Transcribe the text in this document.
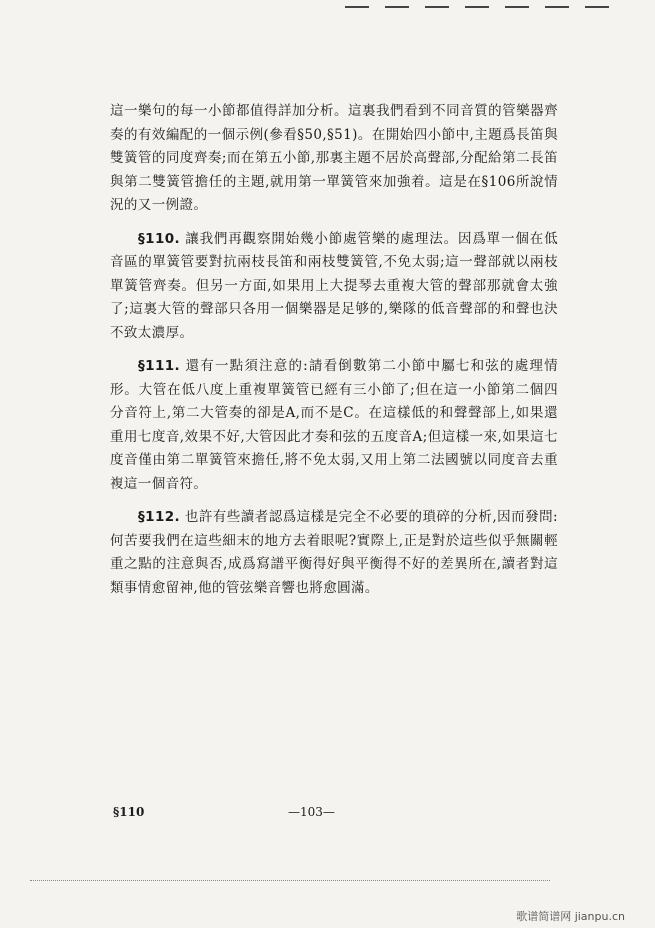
這一樂句的每一小節都值得詳加分析。這裏我們看到不同音質的管樂器齊奏的有效編配的一個示例(參看§50,§51)。在開始四小節中,主題爲長笛與雙簧管的同度齊奏;而在第五小節,那裏主題不居於高聲部,分配給第二長笛與第二雙簧管擔任的主題,就用第一單簧管來加強着。這是在§106所說情況的又一例證。

§110. 讓我們再觀察開始幾小節處管樂的處理法。因爲單一個在低音區的單簧管要對抗兩枝長笛和兩枝雙簧管,不免太弱;這一聲部就以兩枝單簧管齊奏。但另一方面,如果用上大提琴去重複大管的聲部那就會太強了;這裏大管的聲部只各用一個樂器是足够的,樂隊的低音聲部的和聲也決不致太濃厚。

§111. 還有一點須注意的:請看倒數第二小節中屬七和弦的處理情形。大管在低八度上重複單簧管已經有三小節了;但在這一小節第二個四分音符上,第二大管奏的卻是A,而不是C。在這樣低的和聲聲部上,如果還重用七度音,效果不好,大管因此才奏和弦的五度音A;但這樣一來,如果這七度音僅由第二單簧管來擔任,將不免太弱,又用上第二法國號以同度音去重複這一個音符。

§112. 也許有些讀者認爲這樣是完全不必要的瑣碎的分析,因而發問:何苦要我們在這些細末的地方去着眼呢?實際上,正是對於這些似乎無關輕重之點的注意與否,成爲寫譜平衡得好與平衡得不好的差異所在,讀者對這類事情愈留神,他的管弦樂音響也將愈圓滿。

§110	—103—
歌谱简谱网 jianpu.cn
